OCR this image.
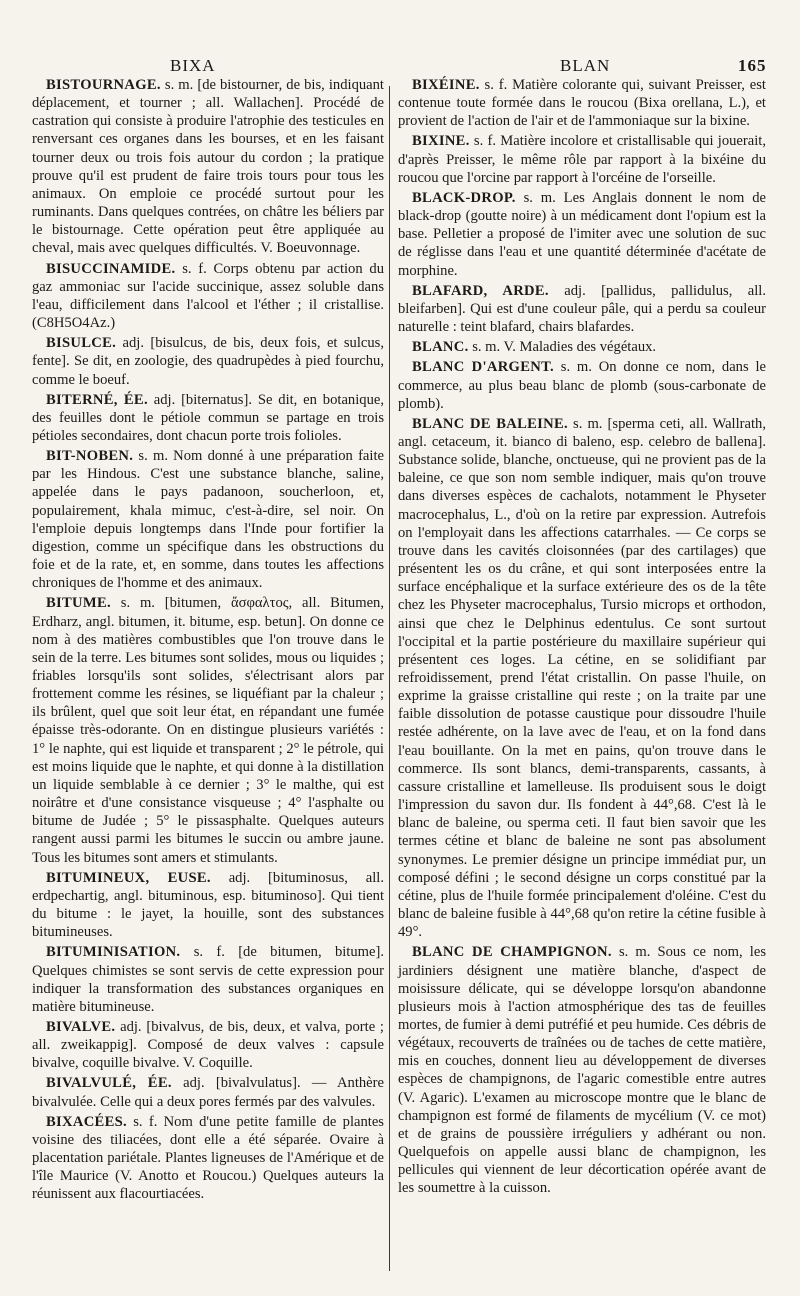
BIXA	BLAN	165

BISTOURNAGE. s. m. [de bistourner, de bis, indiquant déplacement, et tourner ; all. Wallachen]. Procédé de castration qui consiste à produire l'atrophie des testicules en renversant ces organes dans les bourses, et en les faisant tourner deux ou trois fois autour du cordon ; la pratique prouve qu'il est prudent de faire trois tours pour tous les animaux. On emploie ce procédé surtout pour les ruminants. Dans quelques contrées, on châtre les béliers par le bistournage. Cette opération peut être appliquée au cheval, mais avec quelques difficultés. V. Boeuvonnage.

BISUCCINAMIDE. s. f. Corps obtenu par action du gaz ammoniac sur l'acide succinique, assez soluble dans l'eau, difficilement dans l'alcool et l'éther ; il cristallise. (C8H5O4Az.)

BISULCE. adj. [bisulcus, de bis, deux fois, et sulcus, fente]. Se dit, en zoologie, des quadrupèdes à pied fourchu, comme le boeuf.

BITERNÉ, ÉE. adj. [biternatus]. Se dit, en botanique, des feuilles dont le pétiole commun se partage en trois pétioles secondaires, dont chacun porte trois folioles.

BIT-NOBEN. s. m. Nom donné à une préparation faite par les Hindous. C'est une substance blanche, saline, appelée dans le pays padanoon, soucherloon, et, populairement, khala mimuc, c'est-à-dire, sel noir. On l'emploie depuis longtemps dans l'Inde pour fortifier la digestion, comme un spécifique dans les obstructions du foie et de la rate, et, en somme, dans toutes les affections chroniques de l'homme et des animaux.

BITUME. s. m. [bitumen, ἄσφαλτος, all. Bitumen, Erdharz, angl. bitumen, it. bitume, esp. betun]. On donne ce nom à des matières combustibles que l'on trouve dans le sein de la terre. Les bitumes sont solides, mous ou liquides ; friables lorsqu'ils sont solides, s'électrisant alors par frottement comme les résines, se liquéfiant par la chaleur ; ils brûlent, quel que soit leur état, en répandant une fumée épaisse très-odorante. On en distingue plusieurs variétés : 1° le naphte, qui est liquide et transparent ; 2° le pétrole, qui est moins liquide que le naphte, et qui donne à la distillation un liquide semblable à ce dernier ; 3° le malthe, qui est noirâtre et d'une consistance visqueuse ; 4° l'asphalte ou bitume de Judée ; 5° le pissasphalte. Quelques auteurs rangent aussi parmi les bitumes le succin ou ambre jaune. Tous les bitumes sont amers et stimulants.

BITUMINEUX, EUSE. adj. [bituminosus, all. erdpechartig, angl. bituminous, esp. bituminoso]. Qui tient du bitume : le jayet, la houille, sont des substances bitumineuses.

BITUMINISATION. s. f. [de bitumen, bitume]. Quelques chimistes se sont servis de cette expression pour indiquer la transformation des substances organiques en matière bitumineuse.

BIVALVE. adj. [bivalvus, de bis, deux, et valva, porte ; all. zweikappig]. Composé de deux valves : capsule bivalve, coquille bivalve. V. Coquille.

BIVALVULÉ, ÉE. adj. [bivalvulatus]. — Anthère bivalvulée. Celle qui a deux pores fermés par des valvules.

BIXACÉES. s. f. Nom d'une petite famille de plantes voisine des tiliacées, dont elle a été séparée. Ovaire à placentation pariétale. Plantes ligneuses de l'Amérique et de l'île Maurice (V. Anotto et Roucou.) Quelques auteurs la réunissent aux flacourtiacées.

BIXÉINE. s. f. Matière colorante qui, suivant Preisser, est contenue toute formée dans le roucou (Bixa orellana, L.), et provient de l'action de l'air et de l'ammoniaque sur la bixine.

BIXINE. s. f. Matière incolore et cristallisable qui jouerait, d'après Preisser, le même rôle par rapport à la bixéine du roucou que l'orcine par rapport à l'orcéine de l'orseille.

BLACK-DROP. s. m. Les Anglais donnent le nom de black-drop (goutte noire) à un médicament dont l'opium est la base. Pelletier a proposé de l'imiter avec une solution de suc de réglisse dans l'eau et une quantité déterminée d'acétate de morphine.

BLAFARD, ARDE. adj. [pallidus, pallidulus, all. bleifarben]. Qui est d'une couleur pâle, qui a perdu sa couleur naturelle : teint blafard, chairs blafardes.

BLANC. s. m. V. Maladies des végétaux.

BLANC D'ARGENT. s. m. On donne ce nom, dans le commerce, au plus beau blanc de plomb (sous-carbonate de plomb).

BLANC DE BALEINE. s. m. [sperma ceti, all. Wallrath, angl. cetaceum, it. bianco di baleno, esp. celebro de ballena]. Substance solide, blanche, onctueuse, qui ne provient pas de la baleine, ce que son nom semble indiquer, mais qu'on trouve dans diverses espèces de cachalots, notamment le Physeter macrocephalus, L., d'où on la retire par expression. Autrefois on l'employait dans les affections catarrhales. — Ce corps se trouve dans les cavités cloisonnées (par des cartilages) que présentent les os du crâne, et qui sont interposées entre la surface encéphalique et la surface extérieure des os de la tête chez les Physeter macrocephalus, Tursio microps et orthodon, ainsi que chez le Delphinus edentulus. Ce sont surtout l'occipital et la partie postérieure du maxillaire supérieur qui présentent ces loges. La cétine, en se solidifiant par refroidissement, prend l'état cristallin. On passe l'huile, on exprime la graisse cristalline qui reste ; on la traite par une faible dissolution de potasse caustique pour dissoudre l'huile restée adhérente, on la lave avec de l'eau, et on la fond dans l'eau bouillante. On la met en pains, qu'on trouve dans le commerce. Ils sont blancs, demi-transparents, cassants, à cassure cristalline et lamelleuse. Ils produisent sous le doigt l'impression du savon dur. Ils fondent à 44°,68. C'est là le blanc de baleine, ou sperma ceti. Il faut bien savoir que les termes cétine et blanc de baleine ne sont pas absolument synonymes. Le premier désigne un principe immédiat pur, un composé défini ; le second désigne un corps constitué par la cétine, plus de l'huile formée principalement d'oléine. C'est du blanc de baleine fusible à 44°,68 qu'on retire la cétine fusible à 49°.

BLANC DE CHAMPIGNON. s. m. Sous ce nom, les jardiniers désignent une matière blanche, d'aspect de moisissure délicate, qui se développe lorsqu'on abandonne plusieurs mois à l'action atmosphérique des tas de feuilles mortes, de fumier à demi putréfié et peu humide. Ces débris de végétaux, recouverts de traînées ou de taches de cette matière, mis en couches, donnent lieu au développement de diverses espèces de champignons, de l'agaric comestible entre autres (V. Agaric). L'examen au microscope montre que le blanc de champignon est formé de filaments de mycélium (V. ce mot) et de grains de poussière irréguliers y adhérant ou non. Quelquefois on appelle aussi blanc de champignon, les pellicules qui viennent de leur décortication opérée avant de les soumettre à la cuisson.
